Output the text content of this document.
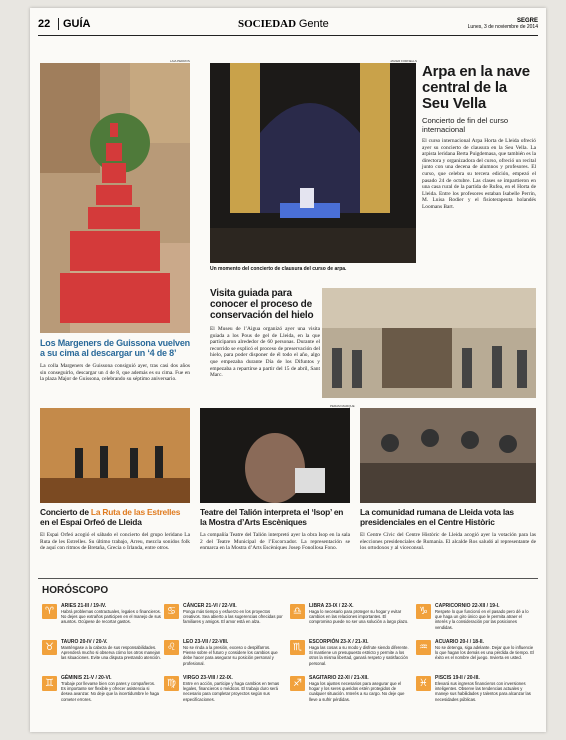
22	GUÍA	SOCIEDAD Gente	SEGRE
Lunes, 3 de noviembre de 2014
LAIA PEDROS
Los Margeners de Guissona vuelven a su cima al descargar un ‘4 de 8’

La colla Margeners de Guissona consiguió ayer, tras casi dos años sin conseguirlo, descargar un 4 de 8, que además es su cima. Fue en la plaza Major de Guissona, celebrando su séptimo aniversario.

JAVIER FORNELLS

Un momento del concierto de clausura del curso de arpa.

Arpa en la nave central de la Seu Vella

Concierto de fin del curso internacional

El curso internacional Arpa Horta de Lleida ofreció ayer su concierto de clausura en la Seu Vella. La arpista leridana Berta Puigdemasa, que también es la directora y organizadora del curso, ofreció un recital junto con una decena de alumnos y profesores. El curso, que celebra su tercera edición, empezó el pasado 24 de octubre. Las clases se impartieron en una casa rural de la partida de Rufea, en el Horta de Lleida. Entre los profesores estaban Isabelle Perrin, M. Luisa Rodier y el fisioterapeuta holandés Loomans Bart.

Visita guiada para conocer el proceso de conservación del hielo

El Museu de l’Aigua organizó ayer una visita guiada a los Pous de gel de Lleida, en la que participaron alrededor de 60 personas. Durante el recorrido se explicó el proceso de preservación del hielo, para poder disponer de él todo el año, algo que empezaba durante Día de los Difuntos y empezaba a repartirse a partir del 15 de abril, Sant Marc.

Concierto de La Ruta de las Estrelles en el Espai Orfeó de Lleida

El Espai Orfeó acogió el sábado el concierto del grupo leridano La Ruta de les Estrelles. Su último trabajo, Arreu, mezcla sonidos folk de aquí con ritmos de Bretaña, Grecia o Irlanda, entre otros.

PERAM MARQUE
Teatre del Talión interpreta el ‘Isop’ en la Mostra d’Arts Escèniques

La compañía Teatre del Talión interpretó ayer la obra Isop en la sala 2 del Teatre Municipal de l’Escorxador. La representación se enmarca en la Mostra d’Arts Escèniques Josep Fonollosa Fono.

La comunidad rumana de Lleida vota las presidenciales en el Centre Històric

El Centre Cívic del Centre Històric de Lleida acogió ayer la votación para las elecciones presidenciales de Rumanía. El alcalde Ros saludó al representante de los ortodoxos y al viceconsul.

HORÓSCOPO
♈	ARIES 21-III / 19-IV.
Habrá problemas contractuales, legales o financieros. No dejes que extraños participen en el manejo de sus asuntos. Ocúpese de recortar gastos.
♋	CÁNCER 21-VI / 22-VII.
Ponga más tiempo y esfuerzo en los proyectos creativos. Sea abierto a las sugerencias ofrecidas por familiares y amigos. El amor está en alza.
♎	LIBRA 23-IX / 22-X.
Haga lo necesario para proteger su hogar y evitar cambios en las relaciones importantes. El compromiso puede no ser una solución a largo plazo.
♑	CAPRICORNIO 22-XII / 19-I.
Respete lo que funcionó en el pasado pero dé a lo que haga un giro único que le permita atraer el interés y la consideración por las posiciones vendidas.
♉	TAURO 20-IV / 20-V.
Manténgase a la cabeza de sus responsabilidades. Aprenderá mucho si observa cómo los otros manejan las situaciones. Evite una disputa prestando atención.
♌	LEO 23-VII / 22-VIII.
No se rinda a la presión, exceso o despilfarros. Piense sobre el futuro y considere los cambios que debe hacer para asegurar su posición personal y profesional.
♏	ESCORPIÓN 23-X / 21-XI.
Haga las cosas a su modo y disfrute siendo diferente. Si mantiene un presupuesto estricto y permite a los otros la misma libertad, ganará respeto y satisfacción personal.
♒	ACUARIO 20-I / 18-II.
No se detenga, siga adelante. Dejar que lo influencie lo que hagan los demás es una pérdida de tiempo. El éxito es el nombre del juego. Invierta en usted.
♊	GÉMINIS 21-V / 20-VI.
Trabaje por llevarse bien con pares y compañeros. Es importante ser flexible y ofrecer asistencia si desea avanzar. No deje que la incertidumbre le haga cometer errores.
♍	VIRGO 23-VIII / 22-IX.
Entre en acción, participe y haga cambios en temas legales, financieros o médicos. El trabajo duro será necesario para completar proyectos según sus especificaciones.
♐	SAGITARIO 22-XI / 21-XII.
Haga los ajustes necesarios para asegurar que el hogar y los seres queridos estén protegidos de cualquier situación. Interés a su cargo. No deje que lleve a sufrir pérdidas.
♓	PISCIS 19-II / 20-III.
Elevará sus ingresos financieros con inversiones inteligentes. Observe las tendencias actuales y maneje sus habilidades y talentos para alcanzar las necesidades públicas.
